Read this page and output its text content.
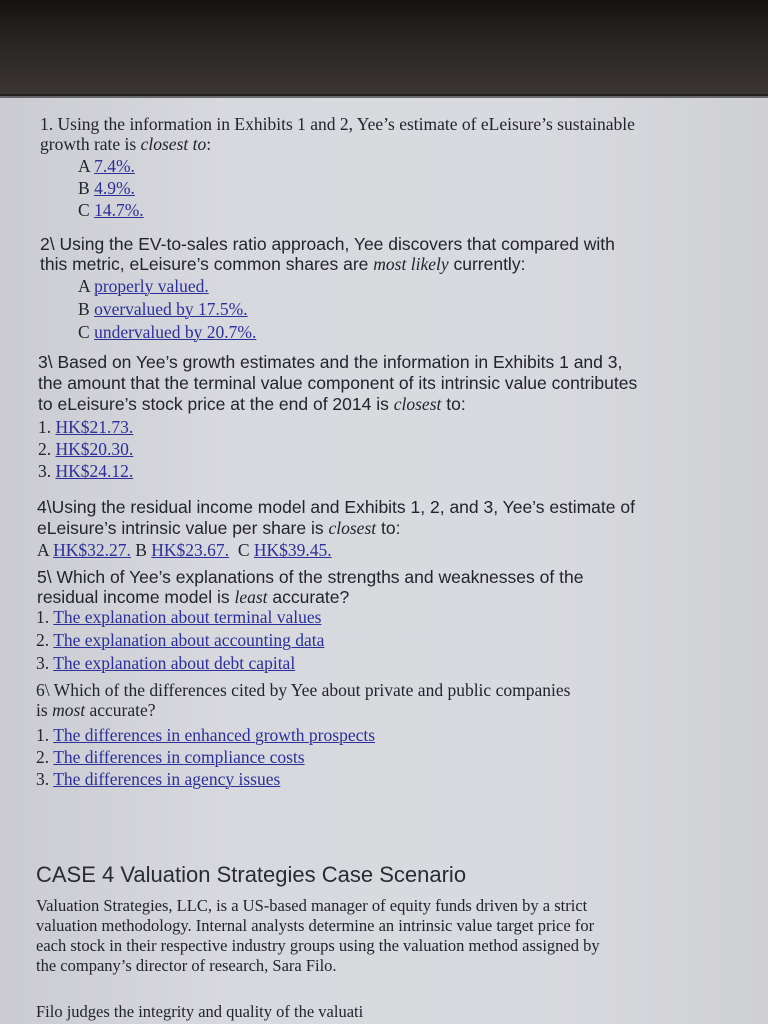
1. Using the information in Exhibits 1 and 2, Yee’s estimate of eLeisure’s sustainable
growth rate is closest to:
A 7.4%.
B 4.9%.
C 14.7%.
2\ Using the EV-to-sales ratio approach, Yee discovers that compared with
this metric, eLeisure’s common shares are most likely currently:
A properly valued.
B overvalued by 17.5%.
C undervalued by 20.7%.
3\ Based on Yee’s growth estimates and the information in Exhibits 1 and 3,
the amount that the terminal value component of its intrinsic value contributes
to eLeisure’s stock price at the end of 2014 is closest to:
1. HK$21.73.
2. HK$20.30.
3. HK$24.12.
4\Using the residual income model and Exhibits 1, 2, and 3, Yee’s estimate of
eLeisure’s intrinsic value per share is closest to:
A HK$32.27. B HK$23.67.  C HK$39.45.
5\ Which of Yee’s explanations of the strengths and weaknesses of the
residual income model is least accurate?
1. The explanation about terminal values
2. The explanation about accounting data
3. The explanation about debt capital
6\ Which of the differences cited by Yee about private and public companies
is most accurate?
1. The differences in enhanced growth prospects
2. The differences in compliance costs
3. The differences in agency issues
CASE 4 Valuation Strategies Case Scenario
Valuation Strategies, LLC, is a US-based manager of equity funds driven by a strict
valuation methodology. Internal analysts determine an intrinsic value target price for
each stock in their respective industry groups using the valuation method assigned by
the company’s director of research, Sara Filo.
Filo judges the integrity and quality of the valuati
